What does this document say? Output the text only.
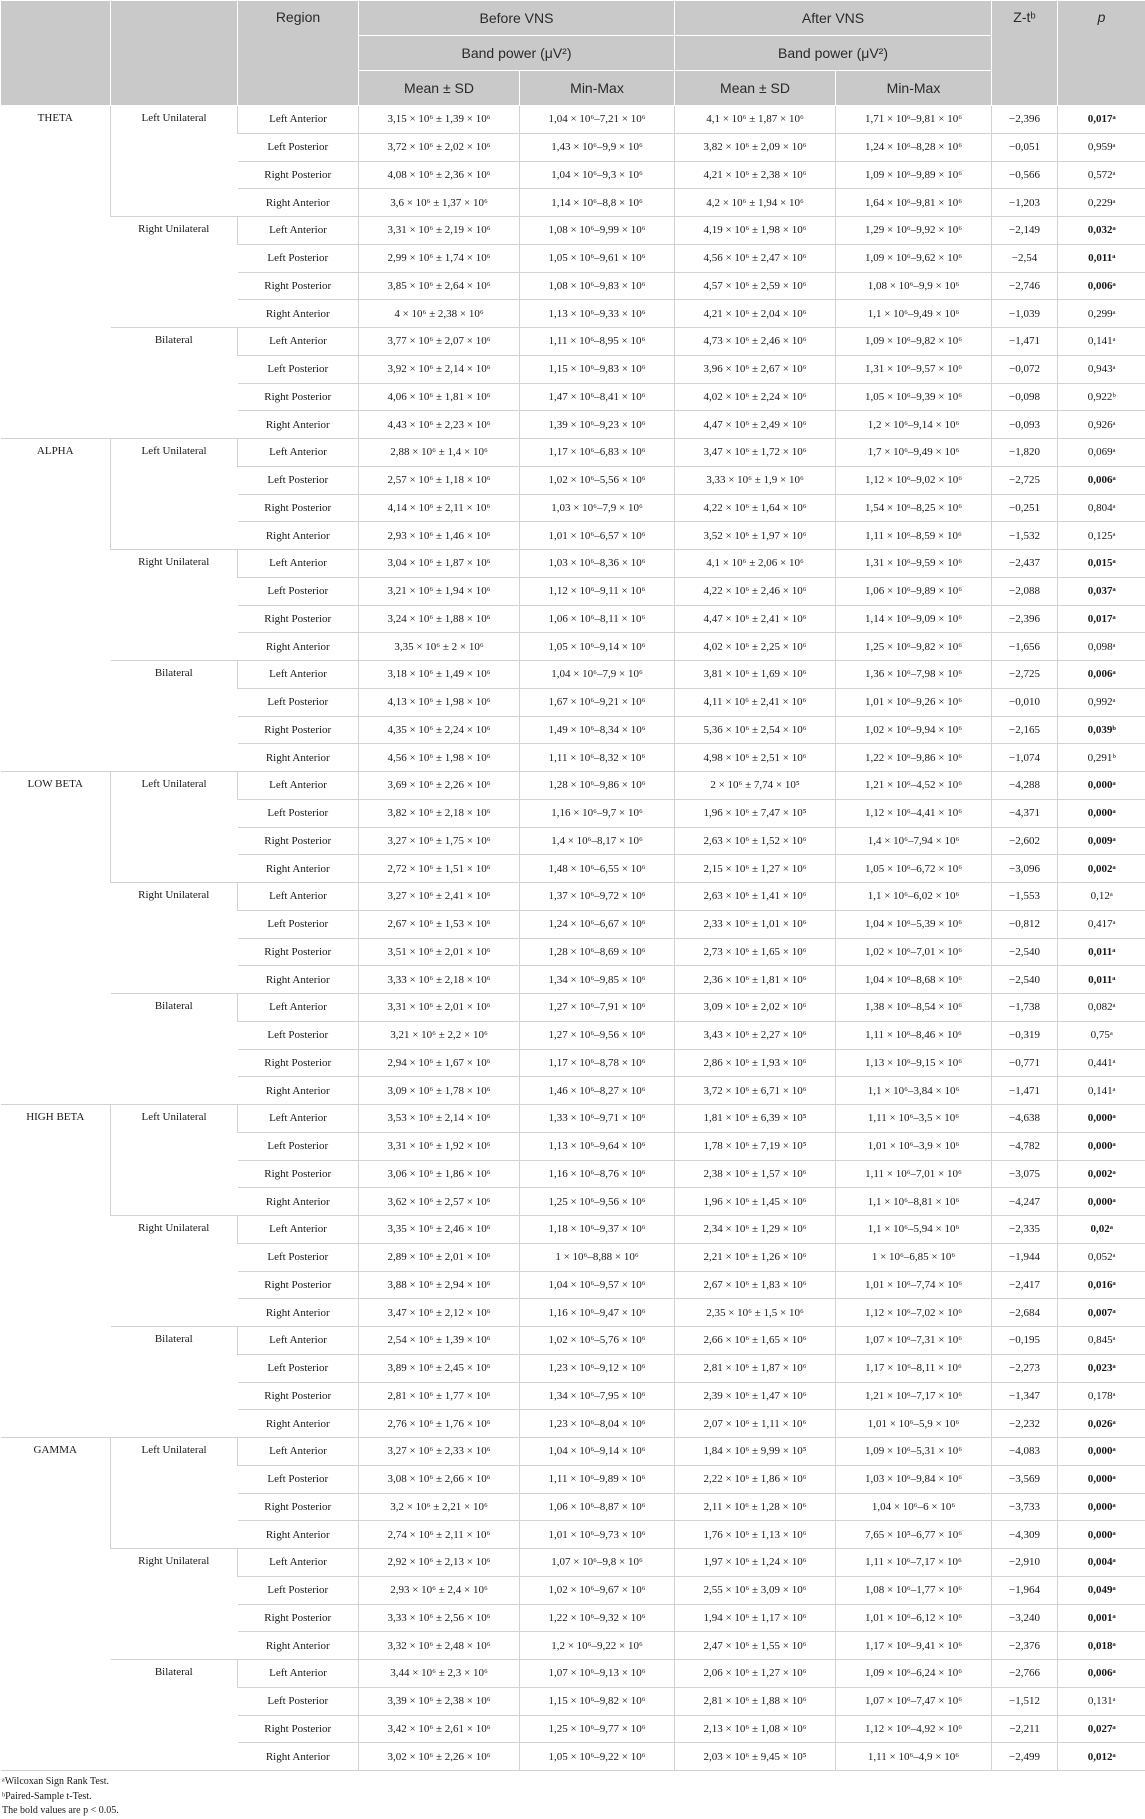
		Region	Before VNS		After VNS		Z-tᵇ	p
			Band power (μV²)		Band power (μV²)			
			Mean ± SD	Min-Max	Mean ± SD	Min-Max		
THETA	Left Unilateral	Left Anterior	3,15 × 10⁶ ± 1,39 × 10⁶	1,04 × 10⁶–7,21 × 10⁶	4,1 × 10⁶ ± 1,87 × 10⁶	1,71 × 10⁶–9,81 × 10⁶	−2,396	0,017ᵃ
		Left Posterior	3,72 × 10⁶ ± 2,02 × 10⁶	1,43 × 10⁶–9,9 × 10⁶	3,82 × 10⁶ ± 2,09 × 10⁶	1,24 × 10⁶–8,28 × 10⁶	−0,051	0,959ᵃ
		Right Posterior	4,08 × 10⁶ ± 2,36 × 10⁶	1,04 × 10⁶–9,3 × 10⁶	4,21 × 10⁶ ± 2,38 × 10⁶	1,09 × 10⁶–9,89 × 10⁶	−0,566	0,572ᵃ
		Right Anterior	3,6 × 10⁶ ± 1,37 × 10⁶	1,14 × 10⁶–8,8 × 10⁶	4,2 × 10⁶ ± 1,94 × 10⁶	1,64 × 10⁶–9,81 × 10⁶	−1,203	0,229ᵃ
	Right Unilateral	Left Anterior	3,31 × 10⁶ ± 2,19 × 10⁶	1,08 × 10⁶–9,99 × 10⁶	4,19 × 10⁶ ± 1,98 × 10⁶	1,29 × 10⁶–9,92 × 10⁶	−2,149	0,032ᵃ
		Left Posterior	2,99 × 10⁶ ± 1,74 × 10⁶	1,05 × 10⁶–9,61 × 10⁶	4,56 × 10⁶ ± 2,47 × 10⁶	1,09 × 10⁶–9,62 × 10⁶	−2,54	0,011ᵃ
		Right Posterior	3,85 × 10⁶ ± 2,64 × 10⁶	1,08 × 10⁶–9,83 × 10⁶	4,57 × 10⁶ ± 2,59 × 10⁶	1,08 × 10⁶–9,9 × 10⁶	−2,746	0,006ᵃ
		Right Anterior	4 × 10⁶ ± 2,38 × 10⁶	1,13 × 10⁶–9,33 × 10⁶	4,21 × 10⁶ ± 2,04 × 10⁶	1,1 × 10⁶–9,49 × 10⁶	−1,039	0,299ᵃ
	Bilateral	Left Anterior	3,77 × 10⁶ ± 2,07 × 10⁶	1,11 × 10⁶–8,95 × 10⁶	4,73 × 10⁶ ± 2,46 × 10⁶	1,09 × 10⁶–9,82 × 10⁶	−1,471	0,141ᵃ
		Left Posterior	3,92 × 10⁶ ± 2,14 × 10⁶	1,15 × 10⁶–9,83 × 10⁶	3,96 × 10⁶ ± 2,67 × 10⁶	1,31 × 10⁶–9,57 × 10⁶	−0,072	0,943ᵃ
		Right Posterior	4,06 × 10⁶ ± 1,81 × 10⁶	1,47 × 10⁶–8,41 × 10⁶	4,02 × 10⁶ ± 2,24 × 10⁶	1,05 × 10⁶–9,39 × 10⁶	−0,098	0,922ᵇ
		Right Anterior	4,43 × 10⁶ ± 2,23 × 10⁶	1,39 × 10⁶–9,23 × 10⁶	4,47 × 10⁶ ± 2,49 × 10⁶	1,2 × 10⁶–9,14 × 10⁶	−0,093	0,926ᵃ
ALPHA	Left Unilateral	Left Anterior	2,88 × 10⁶ ± 1,4 × 10⁶	1,17 × 10⁶–6,83 × 10⁶	3,47 × 10⁶ ± 1,72 × 10⁶	1,7 × 10⁶–9,49 × 10⁶	−1,820	0,069ᵃ
		Left Posterior	2,57 × 10⁶ ± 1,18 × 10⁶	1,02 × 10⁶–5,56 × 10⁶	3,33 × 10⁶ ± 1,9 × 10⁶	1,12 × 10⁶–9,02 × 10⁶	−2,725	0,006ᵃ
		Right Posterior	4,14 × 10⁶ ± 2,11 × 10⁶	1,03 × 10⁶–7,9 × 10⁶	4,22 × 10⁶ ± 1,64 × 10⁶	1,54 × 10⁶–8,25 × 10⁶	−0,251	0,804ᵃ
		Right Anterior	2,93 × 10⁶ ± 1,46 × 10⁶	1,01 × 10⁶–6,57 × 10⁶	3,52 × 10⁶ ± 1,97 × 10⁶	1,11 × 10⁶–8,59 × 10⁶	−1,532	0,125ᵃ
	Right Unilateral	Left Anterior	3,04 × 10⁶ ± 1,87 × 10⁶	1,03 × 10⁶–8,36 × 10⁶	4,1 × 10⁶ ± 2,06 × 10⁶	1,31 × 10⁶–9,59 × 10⁶	−2,437	0,015ᵃ
		Left Posterior	3,21 × 10⁶ ± 1,94 × 10⁶	1,12 × 10⁶–9,11 × 10⁶	4,22 × 10⁶ ± 2,46 × 10⁶	1,06 × 10⁶–9,89 × 10⁶	−2,088	0,037ᵃ
		Right Posterior	3,24 × 10⁶ ± 1,88 × 10⁶	1,06 × 10⁶–8,11 × 10⁶	4,47 × 10⁶ ± 2,41 × 10⁶	1,14 × 10⁶–9,09 × 10⁶	−2,396	0,017ᵃ
		Right Anterior	3,35 × 10⁶ ± 2 × 10⁶	1,05 × 10⁶–9,14 × 10⁶	4,02 × 10⁶ ± 2,25 × 10⁶	1,25 × 10⁶–9,82 × 10⁶	−1,656	0,098ᵃ
	Bilateral	Left Anterior	3,18 × 10⁶ ± 1,49 × 10⁶	1,04 × 10⁶–7,9 × 10⁶	3,81 × 10⁶ ± 1,69 × 10⁶	1,36 × 10⁶–7,98 × 10⁶	−2,725	0,006ᵃ
		Left Posterior	4,13 × 10⁶ ± 1,98 × 10⁶	1,67 × 10⁶–9,21 × 10⁶	4,11 × 10⁶ ± 2,41 × 10⁶	1,01 × 10⁶–9,26 × 10⁶	−0,010	0,992ᵃ
		Right Posterior	4,35 × 10⁶ ± 2,24 × 10⁶	1,49 × 10⁶–8,34 × 10⁶	5,36 × 10⁶ ± 2,54 × 10⁶	1,02 × 10⁶–9,94 × 10⁶	−2,165	0,039ᵇ
		Right Anterior	4,56 × 10⁶ ± 1,98 × 10⁶	1,11 × 10⁶–8,32 × 10⁶	4,98 × 10⁶ ± 2,51 × 10⁶	1,22 × 10⁶–9,86 × 10⁶	−1,074	0,291ᵇ
LOW BETA	Left Unilateral	Left Anterior	3,69 × 10⁶ ± 2,26 × 10⁶	1,28 × 10⁶–9,86 × 10⁶	2 × 10⁶ ± 7,74 × 10⁵	1,21 × 10⁶–4,52 × 10⁶	−4,288	0,000ᵃ
		Left Posterior	3,82 × 10⁶ ± 2,18 × 10⁶	1,16 × 10⁶–9,7 × 10⁶	1,96 × 10⁶ ± 7,47 × 10⁵	1,12 × 10⁶–4,41 × 10⁶	−4,371	0,000ᵃ
		Right Posterior	3,27 × 10⁶ ± 1,75 × 10⁶	1,4 × 10⁶–8,17 × 10⁶	2,63 × 10⁶ ± 1,52 × 10⁶	1,4 × 10⁶–7,94 × 10⁶	−2,602	0,009ᵃ
		Right Anterior	2,72 × 10⁶ ± 1,51 × 10⁶	1,48 × 10⁶–6,55 × 10⁶	2,15 × 10⁶ ± 1,27 × 10⁶	1,05 × 10⁶–6,72 × 10⁶	−3,096	0,002ᵃ
	Right Unilateral	Left Anterior	3,27 × 10⁶ ± 2,41 × 10⁶	1,37 × 10⁶–9,72 × 10⁶	2,63 × 10⁶ ± 1,41 × 10⁶	1,1 × 10⁶–6,02 × 10⁶	−1,553	0,12ᵃ
		Left Posterior	2,67 × 10⁶ ± 1,53 × 10⁶	1,24 × 10⁶–6,67 × 10⁶	2,33 × 10⁶ ± 1,01 × 10⁶	1,04 × 10⁶–5,39 × 10⁶	−0,812	0,417ᵃ
		Right Posterior	3,51 × 10⁶ ± 2,01 × 10⁶	1,28 × 10⁶–8,69 × 10⁶	2,73 × 10⁶ ± 1,65 × 10⁶	1,02 × 10⁶–7,01 × 10⁶	−2,540	0,011ᵃ
		Right Anterior	3,33 × 10⁶ ± 2,18 × 10⁶	1,34 × 10⁶–9,85 × 10⁶	2,36 × 10⁶ ± 1,81 × 10⁶	1,04 × 10⁶–8,68 × 10⁶	−2,540	0,011ᵃ
	Bilateral	Left Anterior	3,31 × 10⁶ ± 2,01 × 10⁶	1,27 × 10⁶–7,91 × 10⁶	3,09 × 10⁶ ± 2,02 × 10⁶	1,38 × 10⁶–8,54 × 10⁶	−1,738	0,082ᵃ
		Left Posterior	3,21 × 10⁶ ± 2,2 × 10⁶	1,27 × 10⁶–9,56 × 10⁶	3,43 × 10⁶ ± 2,27 × 10⁶	1,11 × 10⁶–8,46 × 10⁶	−0,319	0,75ᵃ
		Right Posterior	2,94 × 10⁶ ± 1,67 × 10⁶	1,17 × 10⁶–8,78 × 10⁶	2,86 × 10⁶ ± 1,93 × 10⁶	1,13 × 10⁶–9,15 × 10⁶	−0,771	0,441ᵃ
		Right Anterior	3,09 × 10⁶ ± 1,78 × 10⁶	1,46 × 10⁶–8,27 × 10⁶	3,72 × 10⁶ ± 6,71 × 10⁶	1,1 × 10⁶–3,84 × 10⁶	−1,471	0,141ᵃ
HIGH BETA	Left Unilateral	Left Anterior	3,53 × 10⁶ ± 2,14 × 10⁶	1,33 × 10⁶–9,71 × 10⁶	1,81 × 10⁶ ± 6,39 × 10⁵	1,11 × 10⁶–3,5 × 10⁶	−4,638	0,000ᵃ
		Left Posterior	3,31 × 10⁶ ± 1,92 × 10⁶	1,13 × 10⁶–9,64 × 10⁶	1,78 × 10⁶ ± 7,19 × 10⁵	1,01 × 10⁶–3,9 × 10⁶	−4,782	0,000ᵃ
		Right Posterior	3,06 × 10⁶ ± 1,86 × 10⁶	1,16 × 10⁶–8,76 × 10⁶	2,38 × 10⁶ ± 1,57 × 10⁶	1,11 × 10⁶–7,01 × 10⁶	−3,075	0,002ᵃ
		Right Anterior	3,62 × 10⁶ ± 2,57 × 10⁶	1,25 × 10⁶–9,56 × 10⁶	1,96 × 10⁶ ± 1,45 × 10⁶	1,1 × 10⁶–8,81 × 10⁶	−4,247	0,000ᵃ
	Right Unilateral	Left Anterior	3,35 × 10⁶ ± 2,46 × 10⁶	1,18 × 10⁶–9,37 × 10⁶	2,34 × 10⁶ ± 1,29 × 10⁶	1,1 × 10⁶–5,94 × 10⁶	−2,335	0,02ᵃ
		Left Posterior	2,89 × 10⁶ ± 2,01 × 10⁶	1 × 10⁶–8,88 × 10⁶	2,21 × 10⁶ ± 1,26 × 10⁶	1 × 10⁶–6,85 × 10⁶	−1,944	0,052ᵃ
		Right Posterior	3,88 × 10⁶ ± 2,94 × 10⁶	1,04 × 10⁶–9,57 × 10⁶	2,67 × 10⁶ ± 1,83 × 10⁶	1,01 × 10⁶–7,74 × 10⁶	−2,417	0,016ᵃ
		Right Anterior	3,47 × 10⁶ ± 2,12 × 10⁶	1,16 × 10⁶–9,47 × 10⁶	2,35 × 10⁶ ± 1,5 × 10⁶	1,12 × 10⁶–7,02 × 10⁶	−2,684	0,007ᵃ
	Bilateral	Left Anterior	2,54 × 10⁶ ± 1,39 × 10⁶	1,02 × 10⁶–5,76 × 10⁶	2,66 × 10⁶ ± 1,65 × 10⁶	1,07 × 10⁶–7,31 × 10⁶	−0,195	0,845ᵃ
		Left Posterior	3,89 × 10⁶ ± 2,45 × 10⁶	1,23 × 10⁶–9,12 × 10⁶	2,81 × 10⁶ ± 1,87 × 10⁶	1,17 × 10⁶–8,11 × 10⁶	−2,273	0,023ᵃ
		Right Posterior	2,81 × 10⁶ ± 1,77 × 10⁶	1,34 × 10⁶–7,95 × 10⁶	2,39 × 10⁶ ± 1,47 × 10⁶	1,21 × 10⁶–7,17 × 10⁶	−1,347	0,178ᵃ
		Right Anterior	2,76 × 10⁶ ± 1,76 × 10⁶	1,23 × 10⁶–8,04 × 10⁶	2,07 × 10⁶ ± 1,11 × 10⁶	1,01 × 10⁶–5,9 × 10⁶	−2,232	0,026ᵃ
GAMMA	Left Unilateral	Left Anterior	3,27 × 10⁶ ± 2,33 × 10⁶	1,04 × 10⁶–9,14 × 10⁶	1,84 × 10⁶ ± 9,99 × 10⁵	1,09 × 10⁶–5,31 × 10⁶	−4,083	0,000ᵃ
		Left Posterior	3,08 × 10⁶ ± 2,66 × 10⁶	1,11 × 10⁶–9,89 × 10⁶	2,22 × 10⁶ ± 1,86 × 10⁶	1,03 × 10⁶–9,84 × 10⁶	−3,569	0,000ᵃ
		Right Posterior	3,2 × 10⁶ ± 2,21 × 10⁶	1,06 × 10⁶–8,87 × 10⁶	2,11 × 10⁶ ± 1,28 × 10⁶	1,04 × 10⁶–6 × 10⁶	−3,733	0,000ᵃ
		Right Anterior	2,74 × 10⁶ ± 2,11 × 10⁶	1,01 × 10⁶–9,73 × 10⁶	1,76 × 10⁶ ± 1,13 × 10⁶	7,65 × 10⁵–6,77 × 10⁶	−4,309	0,000ᵃ
	Right Unilateral	Left Anterior	2,92 × 10⁶ ± 2,13 × 10⁶	1,07 × 10⁶–9,8 × 10⁶	1,97 × 10⁶ ± 1,24 × 10⁶	1,11 × 10⁶–7,17 × 10⁶	−2,910	0,004ᵃ
		Left Posterior	2,93 × 10⁶ ± 2,4 × 10⁶	1,02 × 10⁶–9,67 × 10⁶	2,55 × 10⁶ ± 3,09 × 10⁶	1,08 × 10⁶–1,77 × 10⁶	−1,964	0,049ᵃ
		Right Posterior	3,33 × 10⁶ ± 2,56 × 10⁶	1,22 × 10⁶–9,32 × 10⁶	1,94 × 10⁶ ± 1,17 × 10⁶	1,01 × 10⁶–6,12 × 10⁶	−3,240	0,001ᵃ
		Right Anterior	3,32 × 10⁶ ± 2,48 × 10⁶	1,2 × 10⁶–9,22 × 10⁶	2,47 × 10⁶ ± 1,55 × 10⁶	1,17 × 10⁶–9,41 × 10⁶	−2,376	0,018ᵃ
	Bilateral	Left Anterior	3,44 × 10⁶ ± 2,3 × 10⁶	1,07 × 10⁶–9,13 × 10⁶	2,06 × 10⁶ ± 1,27 × 10⁶	1,09 × 10⁶–6,24 × 10⁶	−2,766	0,006ᵃ
		Left Posterior	3,39 × 10⁶ ± 2,38 × 10⁶	1,15 × 10⁶–9,82 × 10⁶	2,81 × 10⁶ ± 1,88 × 10⁶	1,07 × 10⁶–7,47 × 10⁶	−1,512	0,131ᵃ
		Right Posterior	3,42 × 10⁶ ± 2,61 × 10⁶	1,25 × 10⁶–9,77 × 10⁶	2,13 × 10⁶ ± 1,08 × 10⁶	1,12 × 10⁶–4,92 × 10⁶	−2,211	0,027ᵃ
		Right Anterior	3,02 × 10⁶ ± 2,26 × 10⁶	1,05 × 10⁶–9,22 × 10⁶	2,03 × 10⁶ ± 9,45 × 10⁵	1,11 × 10⁶–4,9 × 10⁶	−2,499	0,012ᵃ
ᵃWilcoxan Sign Rank Test.
ᵇPaired-Sample t-Test.
The bold values are p < 0.05.
